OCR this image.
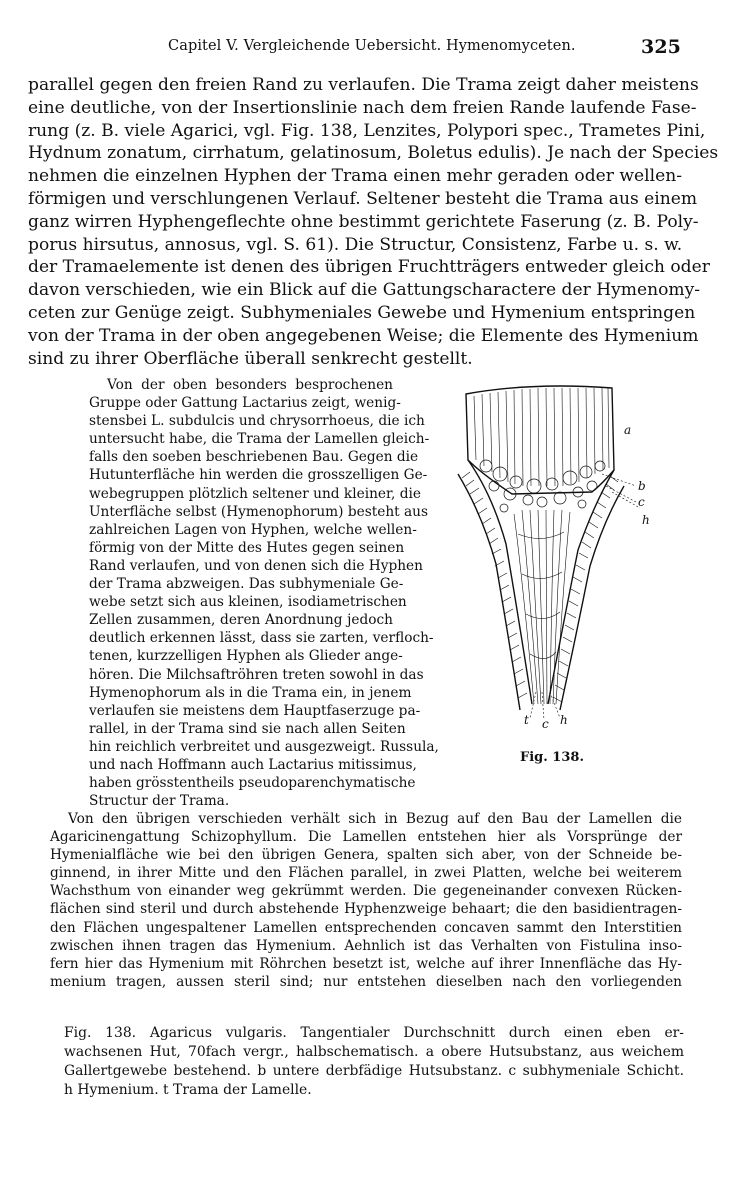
Capitel V. Vergleichende Uebersicht. Hymenomyceten.	325
parallel gegen den freien Rand zu verlaufen. Die Trama zeigt daher meistens
eine deutliche, von der Insertionslinie nach dem freien Rande laufende Fase-
rung (z. B. viele Agarici, vgl. Fig. 138, Lenzites, Polypori spec., Trametes Pini,
Hydnum zonatum, cirrhatum, gelatinosum, Boletus edulis). Je nach der Species
nehmen die einzelnen Hyphen der Trama einen mehr geraden oder wellen-
förmigen und verschlungenen Verlauf. Seltener besteht die Trama aus einem
ganz wirren Hyphengeflechte ohne bestimmt gerichtete Faserung (z. B. Poly-
porus hirsutus, annosus, vgl. S. 61). Die Structur, Consistenz, Farbe u. s. w.
der Tramaelemente ist denen des übrigen Fruchtträgers entweder gleich oder
davon verschieden, wie ein Blick auf die Gattungscharactere der Hymenomy-
ceten zur Genüge zeigt. Subhymeniales Gewebe und Hymenium entspringen
von der Trama in der oben angegebenen Weise; die Elemente des Hymenium
sind zu ihrer Oberfläche überall senkrecht gestellt.
Von der oben besonders besprochenen
Gruppe oder Gattung Lactarius zeigt, wenig-
stensbei L. subdulcis und chrysorrhoeus, die ich
untersucht habe, die Trama der Lamellen gleich-
falls den soeben beschriebenen Bau. Gegen die
Hutunterfläche hin werden die grosszelligen Ge-
webegruppen plötzlich seltener und kleiner, die
Unterfläche selbst (Hymenophorum) besteht aus
zahlreichen Lagen von Hyphen, welche wellen-
förmig von der Mitte des Hutes gegen seinen
Rand verlaufen, und von denen sich die Hyphen
der Trama abzweigen. Das subhymeniale Ge-
webe setzt sich aus kleinen, isodiametrischen
Zellen zusammen, deren Anordnung jedoch
deutlich erkennen lässt, dass sie zarten, verfloch-
tenen, kurzzelligen Hyphen als Glieder ange-
hören. Die Milchsaftröhren treten sowohl in das
Hymenophorum als in die Trama ein, in jenem
verlaufen sie meistens dem Hauptfaserzuge pa-
rallel, in der Trama sind sie nach allen Seiten
hin reichlich verbreitet und ausgezweigt. Russula,
und nach Hoffmann auch Lactarius mitissimus,
haben grösstentheils pseudoparenchymatische
Structur der Trama.
a
b
c
h
t c h
Fig. 138.
Von den übrigen verschieden verhält sich in Bezug auf den Bau der Lamellen die
Agaricinengattung Schizophyllum. Die Lamellen entstehen hier als Vorsprünge der
Hymenialfläche wie bei den übrigen Genera, spalten sich aber, von der Schneide be-
ginnend, in ihrer Mitte und den Flächen parallel, in zwei Platten, welche bei weiterem
Wachsthum von einander weg gekrümmt werden. Die gegeneinander convexen Rücken-
flächen sind steril und durch abstehende Hyphenzweige behaart; die den basidientragen-
den Flächen ungespaltener Lamellen entsprechenden concaven sammt den Interstitien
zwischen ihnen tragen das Hymenium. Aehnlich ist das Verhalten von Fistulina inso-
fern hier das Hymenium mit Röhrchen besetzt ist, welche auf ihrer Innenfläche das Hy-
menium tragen, aussen steril sind; nur entstehen dieselben nach den vorliegenden
Fig. 138. Agaricus vulgaris. Tangentialer Durchschnitt durch einen eben er-
wachsenen Hut, 70fach vergr., halbschematisch. a obere Hutsubstanz, aus weichem
Gallertgewebe bestehend. b untere derbfädige Hutsubstanz. c subhymeniale Schicht.
h Hymenium. t Trama der Lamelle.
